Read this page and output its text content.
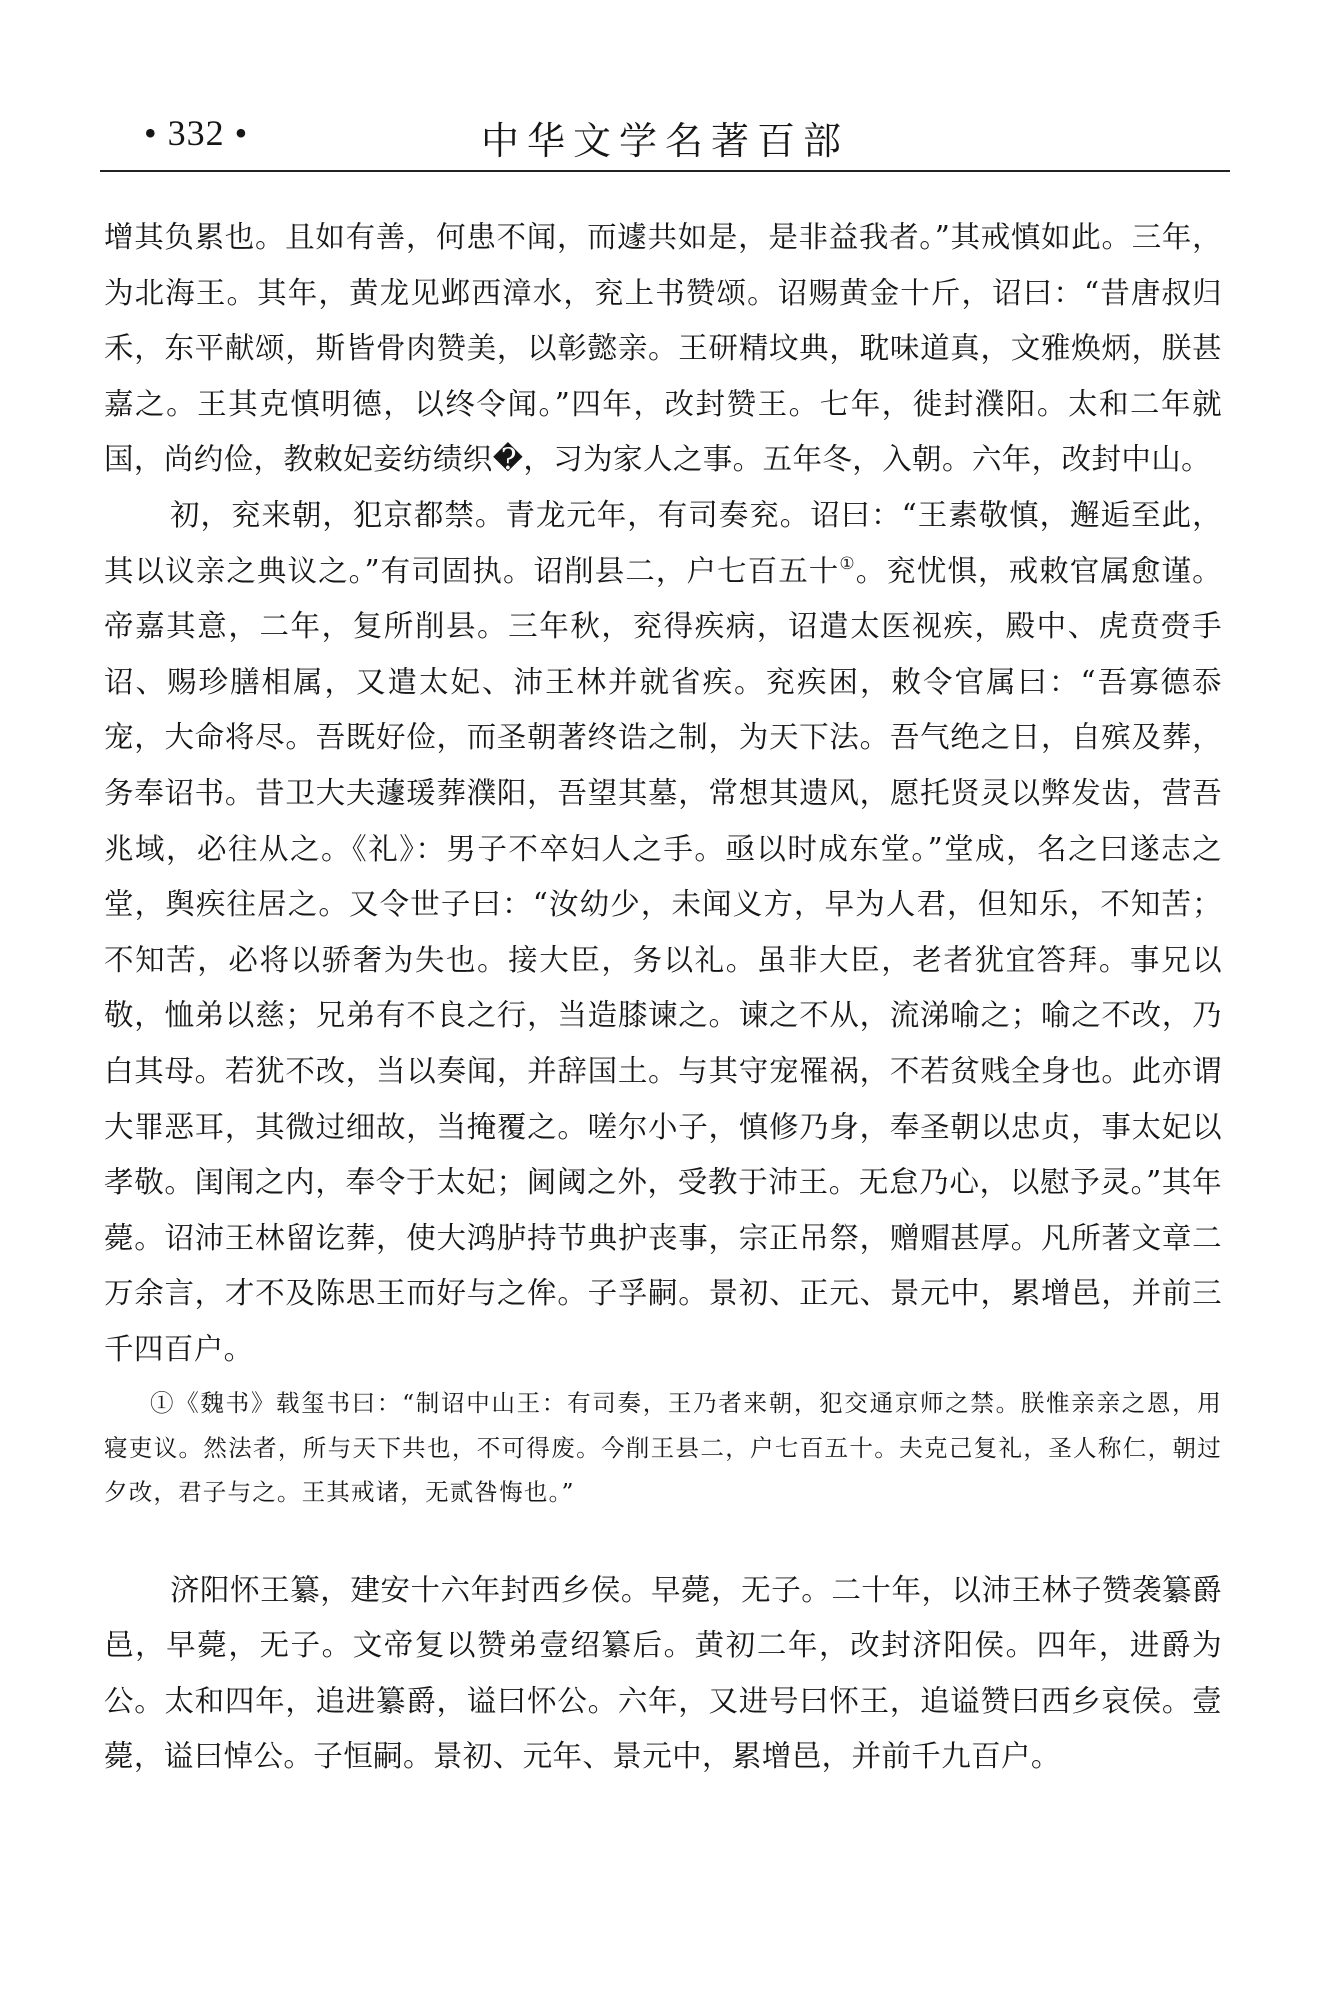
• 332 •	中华文学名著百部

增其负累也。且如有善，何患不闻，而遽共如是，是非益我者。”其戒慎如此。三年，为北海王。其年，黄龙见邺西漳水，兖上书赞颂。诏赐黄金十斤，诏曰：“昔唐叔归禾，东平献颂，斯皆骨肉赞美，以彰懿亲。王研精坟典，耽味道真，文雅焕炳，朕甚嘉之。王其克慎明德，以终令闻。”四年，改封赞王。七年，徙封濮阳。太和二年就国，尚约俭，教敕妃妾纺绩织�，习为家人之事。五年冬，入朝。六年，改封中山。

初，兖来朝，犯京都禁。青龙元年，有司奏兖。诏曰：“王素敬慎，邂逅至此，其以议亲之典议之。”有司固执。诏削县二，户七百五十①。兖忧惧，戒敕官属愈谨。帝嘉其意，二年，复所削县。三年秋，兖得疾病，诏遣太医视疾，殿中、虎贲赍手诏、赐珍膳相属，又遣太妃、沛王林并就省疾。兖疾困，敕令官属曰：“吾寡德忝宠，大命将尽。吾既好俭，而圣朝著终诰之制，为天下法。吾气绝之日，自殡及葬，务奉诏书。昔卫大夫蘧瑗葬濮阳，吾望其墓，常想其遗风，愿托贤灵以弊发齿，营吾兆域，必往从之。《礼》：男子不卒妇人之手。亟以时成东堂。”堂成，名之曰遂志之堂，舆疾往居之。又令世子曰：“汝幼少，未闻义方，早为人君，但知乐，不知苦；不知苦，必将以骄奢为失也。接大臣，务以礼。虽非大臣，老者犹宜答拜。事兄以敬，恤弟以慈；兄弟有不良之行，当造膝谏之。谏之不从，流涕喻之；喻之不改，乃白其母。若犹不改，当以奏闻，并辞国土。与其守宠罹祸，不若贫贱全身也。此亦谓大罪恶耳，其微过细故，当掩覆之。嗟尔小子，慎修乃身，奉圣朝以忠贞，事太妃以孝敬。闺闱之内，奉令于太妃；阃阈之外，受教于沛王。无怠乃心，以慰予灵。”其年薨。诏沛王林留讫葬，使大鸿胪持节典护丧事，宗正吊祭，赠赗甚厚。凡所著文章二万余言，才不及陈思王而好与之侔。子孚嗣。景初、正元、景元中，累增邑，并前三千四百户。

①《魏书》载玺书曰：“制诏中山王：有司奏，王乃者来朝，犯交通京师之禁。朕惟亲亲之恩，用寝吏议。然法者，所与天下共也，不可得废。今削王县二，户七百五十。夫克己复礼，圣人称仁，朝过夕改，君子与之。王其戒诸，无贰咎悔也。”

济阳怀王纂，建安十六年封西乡侯。早薨，无子。二十年，以沛王林子赞袭纂爵邑，早薨，无子。文帝复以赞弟壹绍纂后。黄初二年，改封济阳侯。四年，进爵为公。太和四年，追进纂爵，谥曰怀公。六年，又进号曰怀王，追谥赞曰西乡哀侯。壹薨，谥曰悼公。子恒嗣。景初、元年、景元中，累增邑，并前千九百户。
